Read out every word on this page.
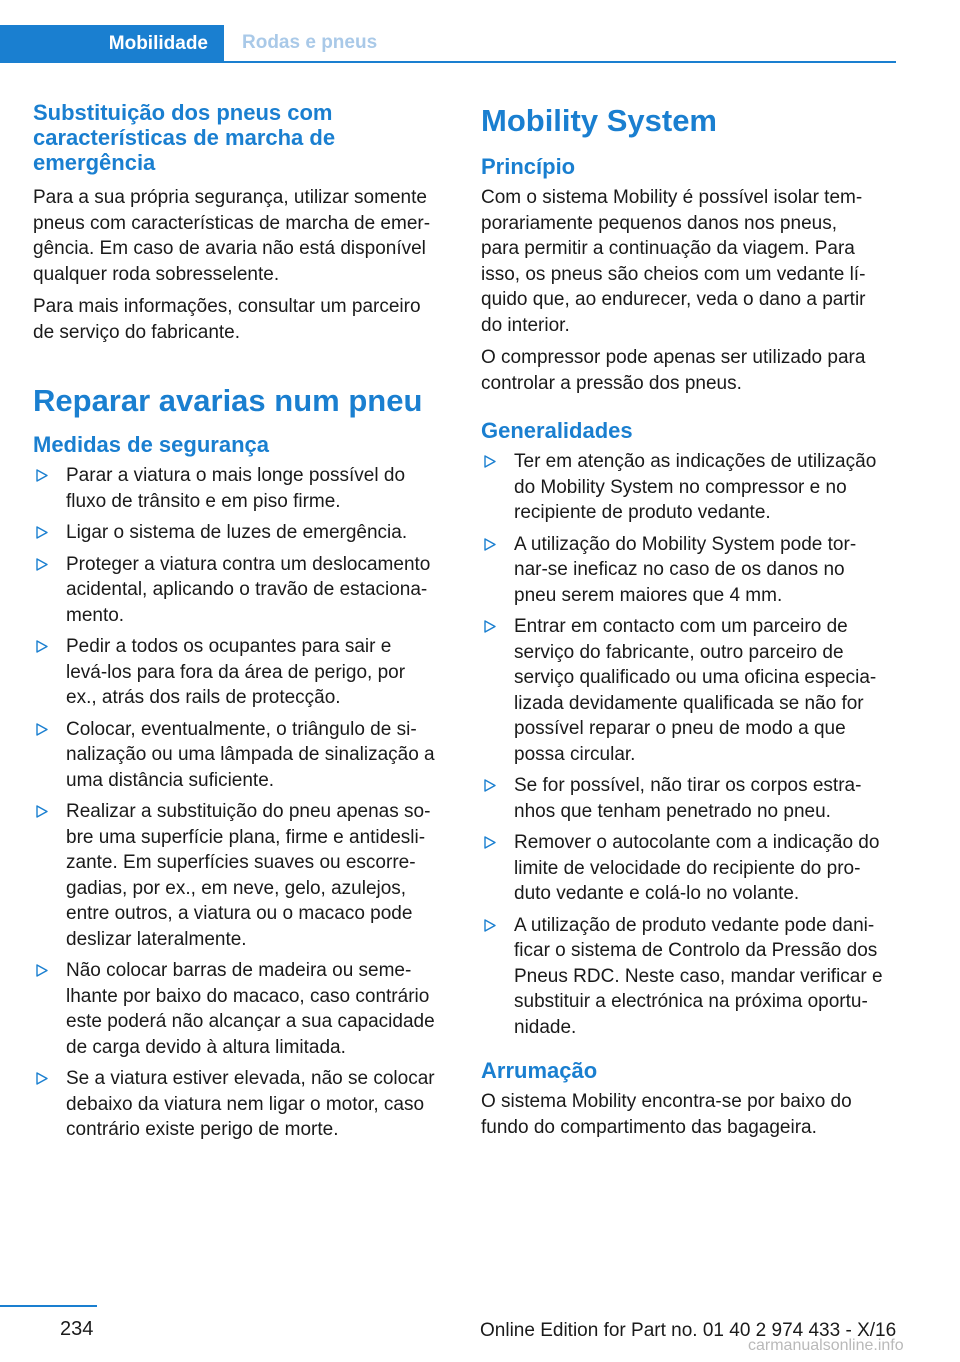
Mobilidade Rodas e pneus
Substituição dos pneus com
características de marcha de
emergência

Para a sua própria segurança, utilizar somente
pneus com características de marcha de emer‐
gência. Em caso de avaria não está disponível
qualquer roda sobresselente.

Para mais informações, consultar um parceiro
de serviço do fabricante.

Reparar avarias num pneu
Medidas de segurança
Parar a viatura o mais longe possível do
fluxo de trânsito e em piso firme.
Ligar o sistema de luzes de emergência.
Proteger a viatura contra um deslocamento
acidental, aplicando o travão de estaciona‐
mento.
Pedir a todos os ocupantes para sair e
levá-los para fora da área de perigo, por
ex., atrás dos rails de protecção.
Colocar, eventualmente, o triângulo de si‐
nalização ou uma lâmpada de sinalização a
uma distância suficiente.
Realizar a substituição do pneu apenas so‐
bre uma superfície plana, firme e antidesli‐
zante. Em superfícies suaves ou escorre‐
gadias, por ex., em neve, gelo, azulejos,
entre outros, a viatura ou o macaco pode
deslizar lateralmente.
Não colocar barras de madeira ou seme‐
lhante por baixo do macaco, caso contrário
este poderá não alcançar a sua capacidade
de carga devido à altura limitada.
Se a viatura estiver elevada, não se colocar
debaixo da viatura nem ligar o motor, caso
contrário existe perigo de morte.
Mobility System
Princípio

Com o sistema Mobility é possível isolar tem‐
porariamente pequenos danos nos pneus,
para permitir a continuação da viagem. Para
isso, os pneus são cheios com um vedante lí‐
quido que, ao endurecer, veda o dano a partir
do interior.

O compressor pode apenas ser utilizado para
controlar a pressão dos pneus.

Generalidades
Ter em atenção as indicações de utilização
do Mobility System no compressor e no
recipiente de produto vedante.
A utilização do Mobility System pode tor‐
nar-se ineficaz no caso de os danos no
pneu serem maiores que 4 mm.
Entrar em contacto com um parceiro de
serviço do fabricante, outro parceiro de
serviço qualificado ou uma oficina especia‐
lizada devidamente qualificada se não for
possível reparar o pneu de modo a que
possa circular.
Se for possível, não tirar os corpos estra‐
nhos que tenham penetrado no pneu.
Remover o autocolante com a indicação do
limite de velocidade do recipiente do pro‐
duto vedante e colá-lo no volante.
A utilização de produto vedante pode dani‐
ficar o sistema de Controlo da Pressão dos
Pneus RDC. Neste caso, mandar verificar e
substituir a electrónica na próxima oportu‐
nidade.
Arrumação

O sistema Mobility encontra-se por baixo do
fundo do compartimento das bagageira.

234	Online Edition for Part no. 01 40 2 974 433 - X/16
carmanualsonline.info
